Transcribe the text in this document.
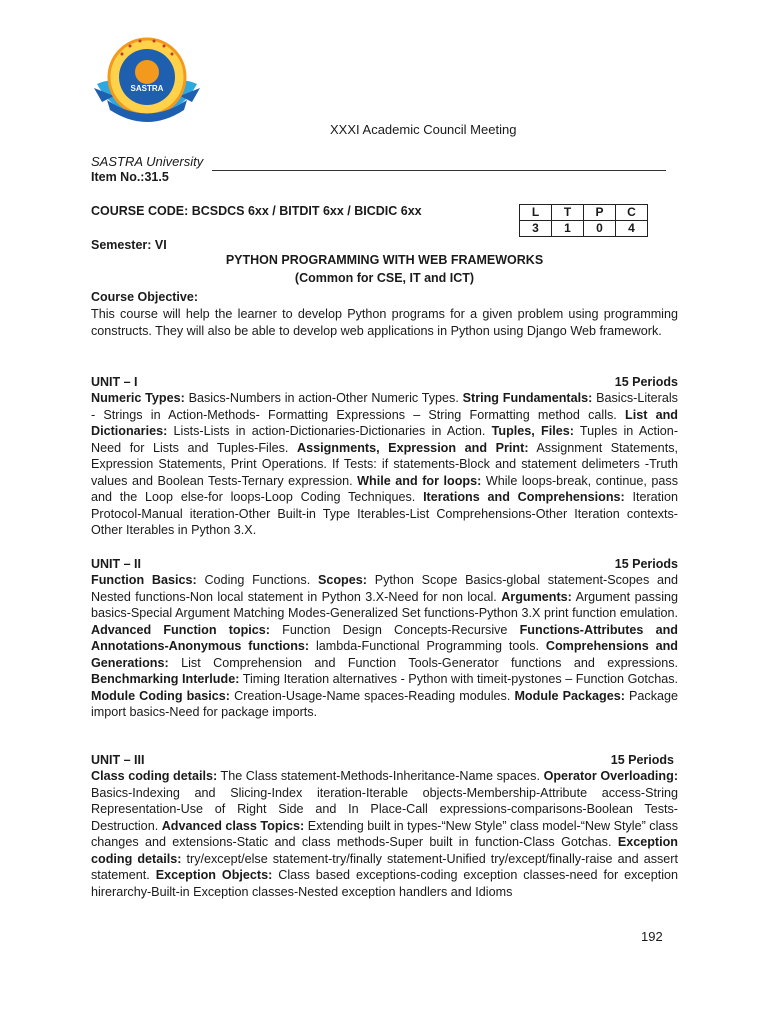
SASTRA
XXXI Academic Council Meeting
SASTRA University
Item No.:31.5
COURSE CODE: BCSDCS 6xx / BITDIT 6xx / BICDIC 6xx	L	T	P	C
3	1	0	4
Semester: VI
PYTHON PROGRAMMING WITH WEB FRAMEWORKS
(Common for CSE, IT and ICT)
Course Objective:
This course will help the learner to develop Python programs for a given problem using programming constructs. They will also be able to develop web applications in Python using Django Web framework.
UNIT – I	15 Periods
Numeric Types: Basics-Numbers in action-Other Numeric Types. String Fundamentals: Basics-Literals - Strings in Action-Methods- Formatting Expressions – String Formatting method calls. List and Dictionaries: Lists-Lists in action-Dictionaries-Dictionaries in Action. Tuples, Files: Tuples in Action-Need for Lists and Tuples-Files. Assignments, Expression and Print: Assignment Statements, Expression Statements, Print Operations. If Tests: if statements-Block and statement delimeters -Truth values and Boolean Tests-Ternary expression. While and for loops: While loops-break, continue, pass and the Loop else-for loops-Loop Coding Techniques. Iterations and Comprehensions: Iteration Protocol-Manual iteration-Other Built-in Type Iterables-List Comprehensions-Other Iteration contexts-Other Iterables in Python 3.X.
UNIT – II	15 Periods
Function Basics: Coding Functions. Scopes: Python Scope Basics-global statement-Scopes and Nested functions-Non local statement in Python 3.X-Need for non local. Arguments: Argument passing basics-Special Argument Matching Modes-Generalized Set functions-Python 3.X print function emulation. Advanced Function topics: Function Design Concepts-Recursive Functions-Attributes and Annotations-Anonymous functions: lambda-Functional Programming tools. Comprehensions and Generations: List Comprehension and Function Tools-Generator functions and expressions. Benchmarking Interlude: Timing Iteration alternatives - Python with timeit-pystones – Function Gotchas. Module Coding basics: Creation-Usage-Name spaces-Reading modules. Module Packages: Package import basics-Need for package imports.
UNIT – III	15 Periods
Class coding details: The Class statement-Methods-Inheritance-Name spaces. Operator Overloading: Basics-Indexing and Slicing-Index iteration-Iterable objects-Membership-Attribute access-String Representation-Use of Right Side and In Place-Call expressions-comparisons-Boolean Tests-Destruction. Advanced class Topics: Extending built in types-“New Style” class model-“New Style” class changes and extensions-Static and class methods-Super built in function-Class Gotchas. Exception coding details: try/except/else statement-try/finally statement-Unified try/except/finally-raise and assert statement. Exception Objects: Class based exceptions-coding exception classes-need for exception hirerarchy-Built-in Exception classes-Nested exception handlers and Idioms
192
